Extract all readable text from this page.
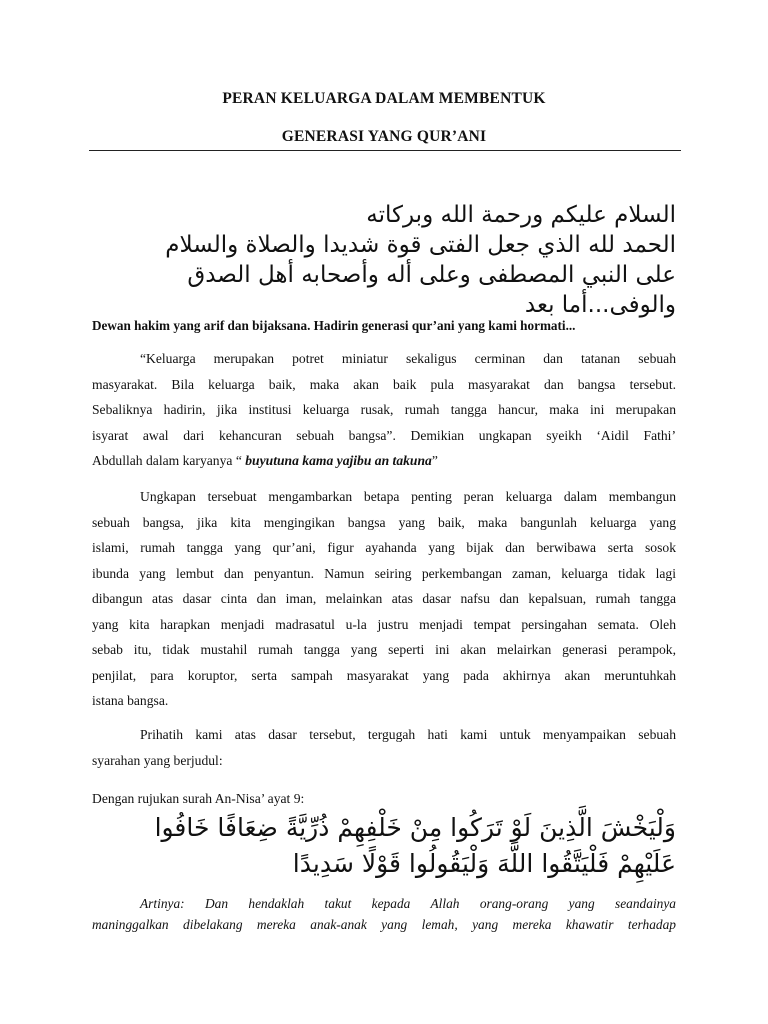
PERAN KELUARGA DALAM MEMBENTUK
GENERASI YANG QUR’ANI
السلام عليكم ورحمة الله وبركاته
الحمد لله الذي جعل الفتى قوة شديدا والصلاة والسلام
على النبي المصطفى وعلى أله وأصحابه أهل الصدق
والوفى...أما بعد
Dewan hakim yang arif dan bijaksana. Hadirin generasi qur’ani yang kami hormati...
“Keluarga merupakan potret miniatur sekaligus cerminan dan tatanan sebuah
masyarakat. Bila keluarga baik, maka akan baik pula masyarakat dan bangsa tersebut.
Sebaliknya hadirin, jika institusi keluarga rusak, rumah tangga hancur, maka ini merupakan
isyarat awal dari kehancuran sebuah bangsa”. Demikian ungkapan syeikh ‘Aidil Fathi’
Abdullah dalam karyanya “ buyutuna kama yajibu an takuna”
Ungkapan tersebuat mengambarkan betapa penting peran keluarga dalam membangun
sebuah bangsa, jika kita mengingikan bangsa yang baik, maka bangunlah keluarga yang
islami, rumah tangga yang qur’ani, figur ayahanda yang bijak dan berwibawa serta sosok
ibunda yang lembut dan penyantun. Namun seiring perkembangan zaman, keluarga tidak lagi
dibangun atas dasar cinta dan iman, melainkan atas dasar nafsu dan kepalsuan, rumah tangga
yang kita harapkan menjadi madrasatul u-la justru menjadi tempat persingahan semata. Oleh
sebab itu, tidak mustahil rumah tangga yang seperti ini akan melairkan generasi perampok,
penjilat, para koruptor, serta sampah masyarakat yang pada akhirnya akan meruntuhkah
istana bangsa.
Prihatih kami atas dasar tersebut, tergugah hati kami untuk menyampaikan sebuah
syarahan yang berjudul:
Dengan rujukan surah An-Nisa’ ayat 9:
وَلْيَخْشَ الَّذِينَ لَوْ تَرَكُوا مِنْ خَلْفِهِمْ ذُرِّيَّةً ضِعَافًا خَافُوا
عَلَيْهِمْ فَلْيَتَّقُوا اللَّهَ وَلْيَقُولُوا قَوْلًا سَدِيدًا
Artinya: Dan hendaklah takut kepada Allah orang-orang yang seandainya
maninggalkan dibelakang mereka anak-anak yang lemah, yang mereka khawatir terhadap
